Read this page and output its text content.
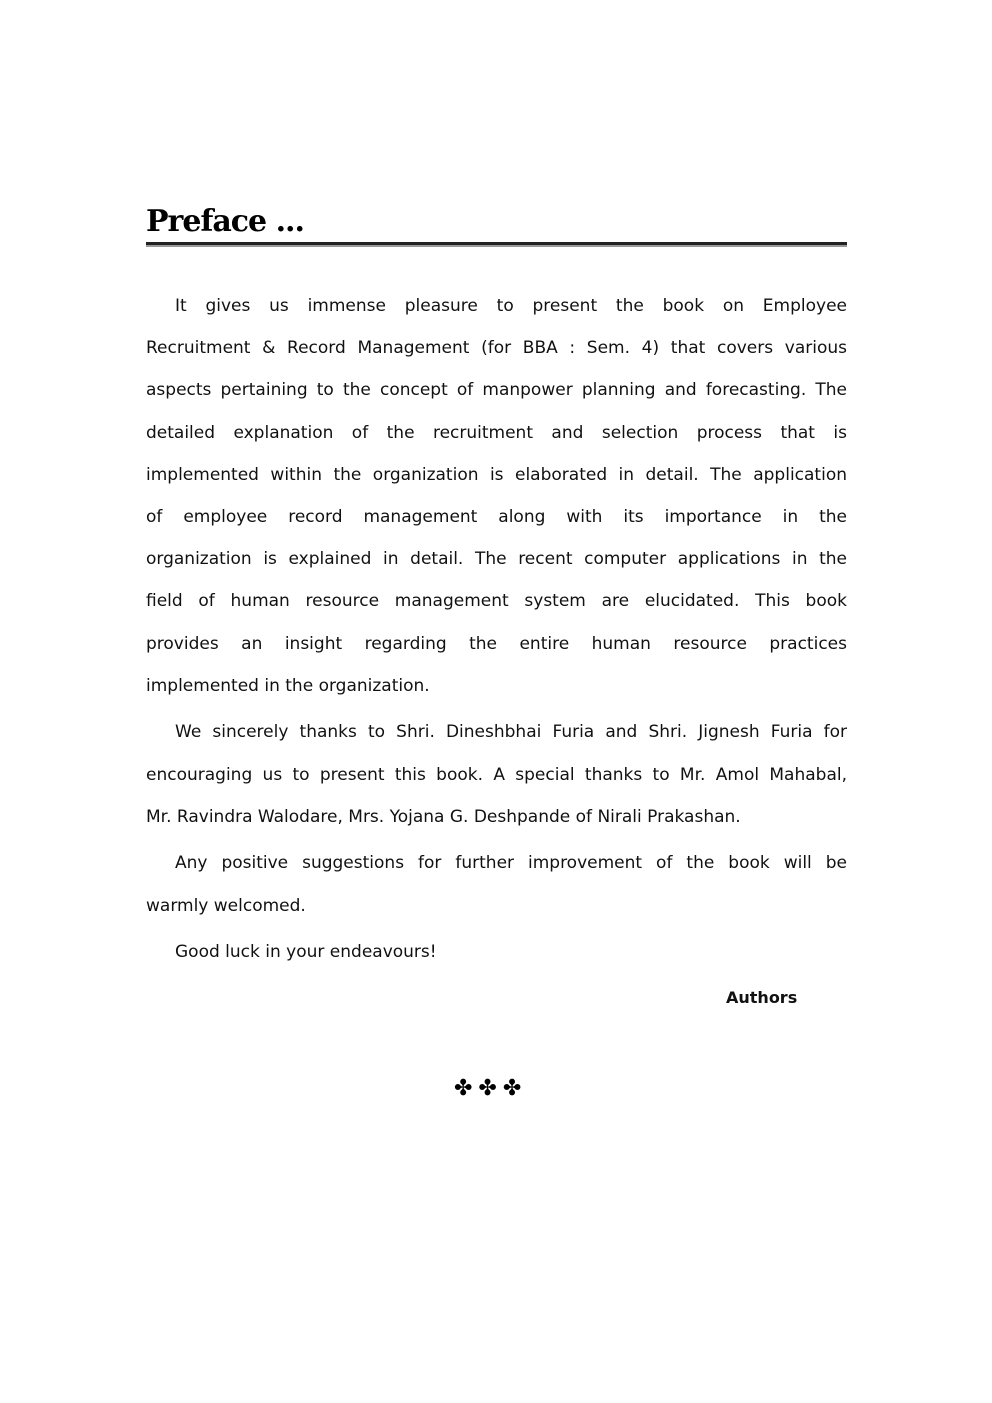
Preface ...
It gives us immense pleasure to present the book on Employee
Recruitment & Record Management (for BBA : Sem. 4) that covers various
aspects pertaining to the concept of manpower planning and forecasting. The
detailed explanation of the recruitment and selection process that is
implemented within the organization is elaborated in detail. The application
of employee record management along with its importance in the
organization is explained in detail. The recent computer applications in the
field of human resource management system are elucidated. This book
provides an insight regarding the entire human resource practices
implemented in the organization.
We sincerely thanks to Shri. Dineshbhai Furia and Shri. Jignesh Furia for
encouraging us to present this book. A special thanks to Mr. Amol Mahabal,
Mr. Ravindra Walodare, Mrs. Yojana G. Deshpande of Nirali Prakashan.
Any positive suggestions for further improvement of the book will be
warmly welcomed.
Good luck in your endeavours!
Authors
✤✤✤
